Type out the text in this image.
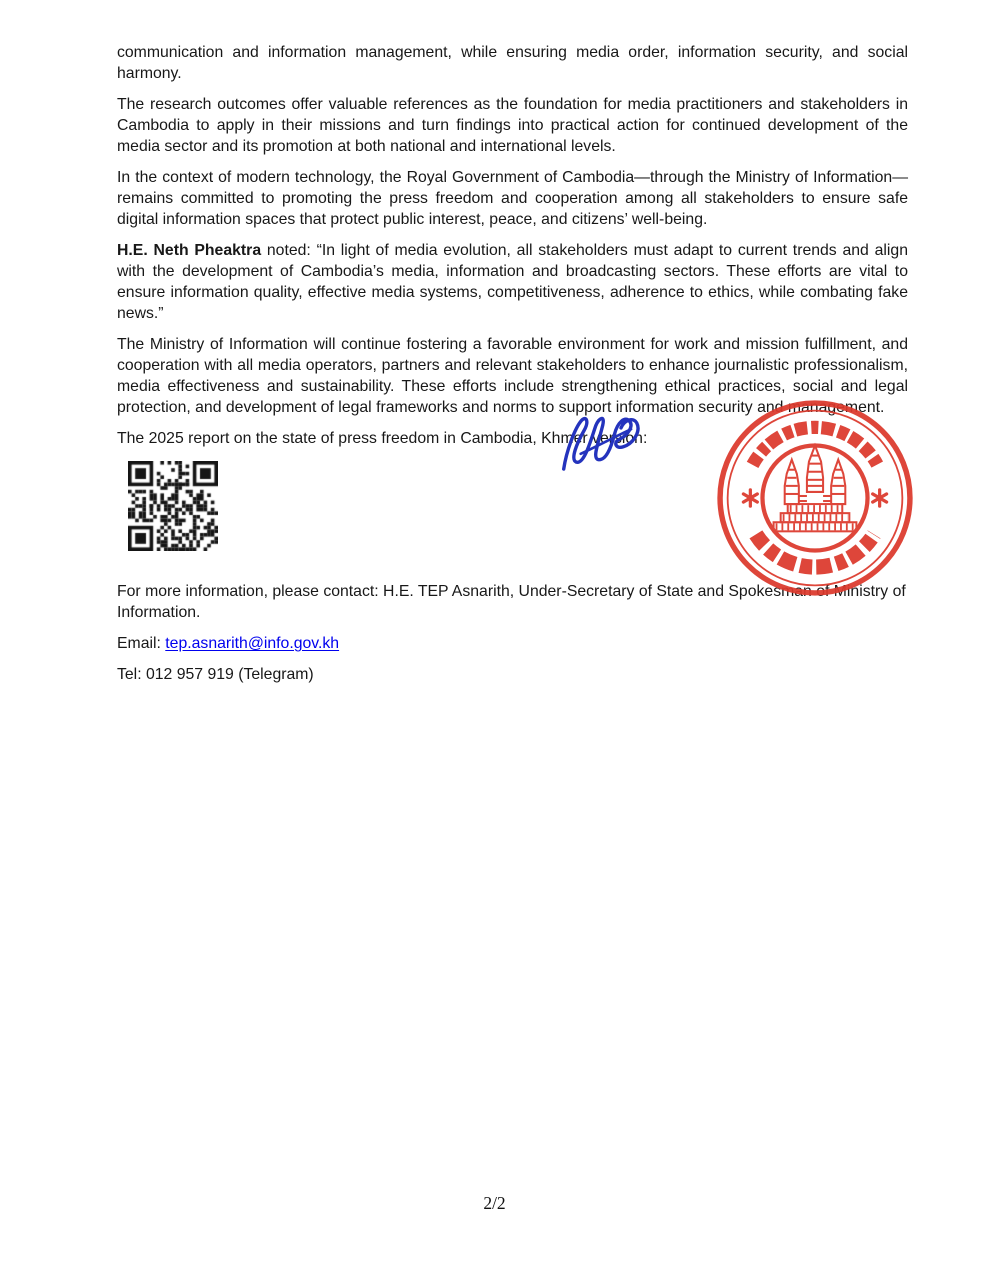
communication and information management, while ensuring media order, information security, and social harmony.

The research outcomes offer valuable references as the foundation for media practitioners and stakeholders in Cambodia to apply in their missions and turn findings into practical action for continued development of the media sector and its promotion at both national and international levels.

In the context of modern technology, the Royal Government of Cambodia—through the Ministry of Information—remains committed to promoting the press freedom and cooperation among all stakeholders to ensure safe digital information spaces that protect public interest, peace, and citizens’ well-being.

H.E. Neth Pheaktra noted: “In light of media evolution, all stakeholders must adapt to current trends and align with the development of Cambodia’s media, information and broadcasting sectors. These efforts are vital to ensure information quality, effective media systems, competitiveness, adherence to ethics, while combating fake news.”

The Ministry of Information will continue fostering a favorable environment for work and mission fulfillment, and cooperation with all media operators, partners and relevant stakeholders to enhance journalistic professionalism, media effectiveness and sustainability. These efforts include strengthening ethical practices, social and legal protection, and development of legal frameworks and norms to support information security and management.

The 2025 report on the state of press freedom in Cambodia, Khmer version:

For more information, please contact: H.E. TEP Asnarith, Under-Secretary of State and Spokesman of Ministry of Information.

Email: tep.asnarith@info.gov.kh

Tel: 012 957 919 (Telegram)

2/2
